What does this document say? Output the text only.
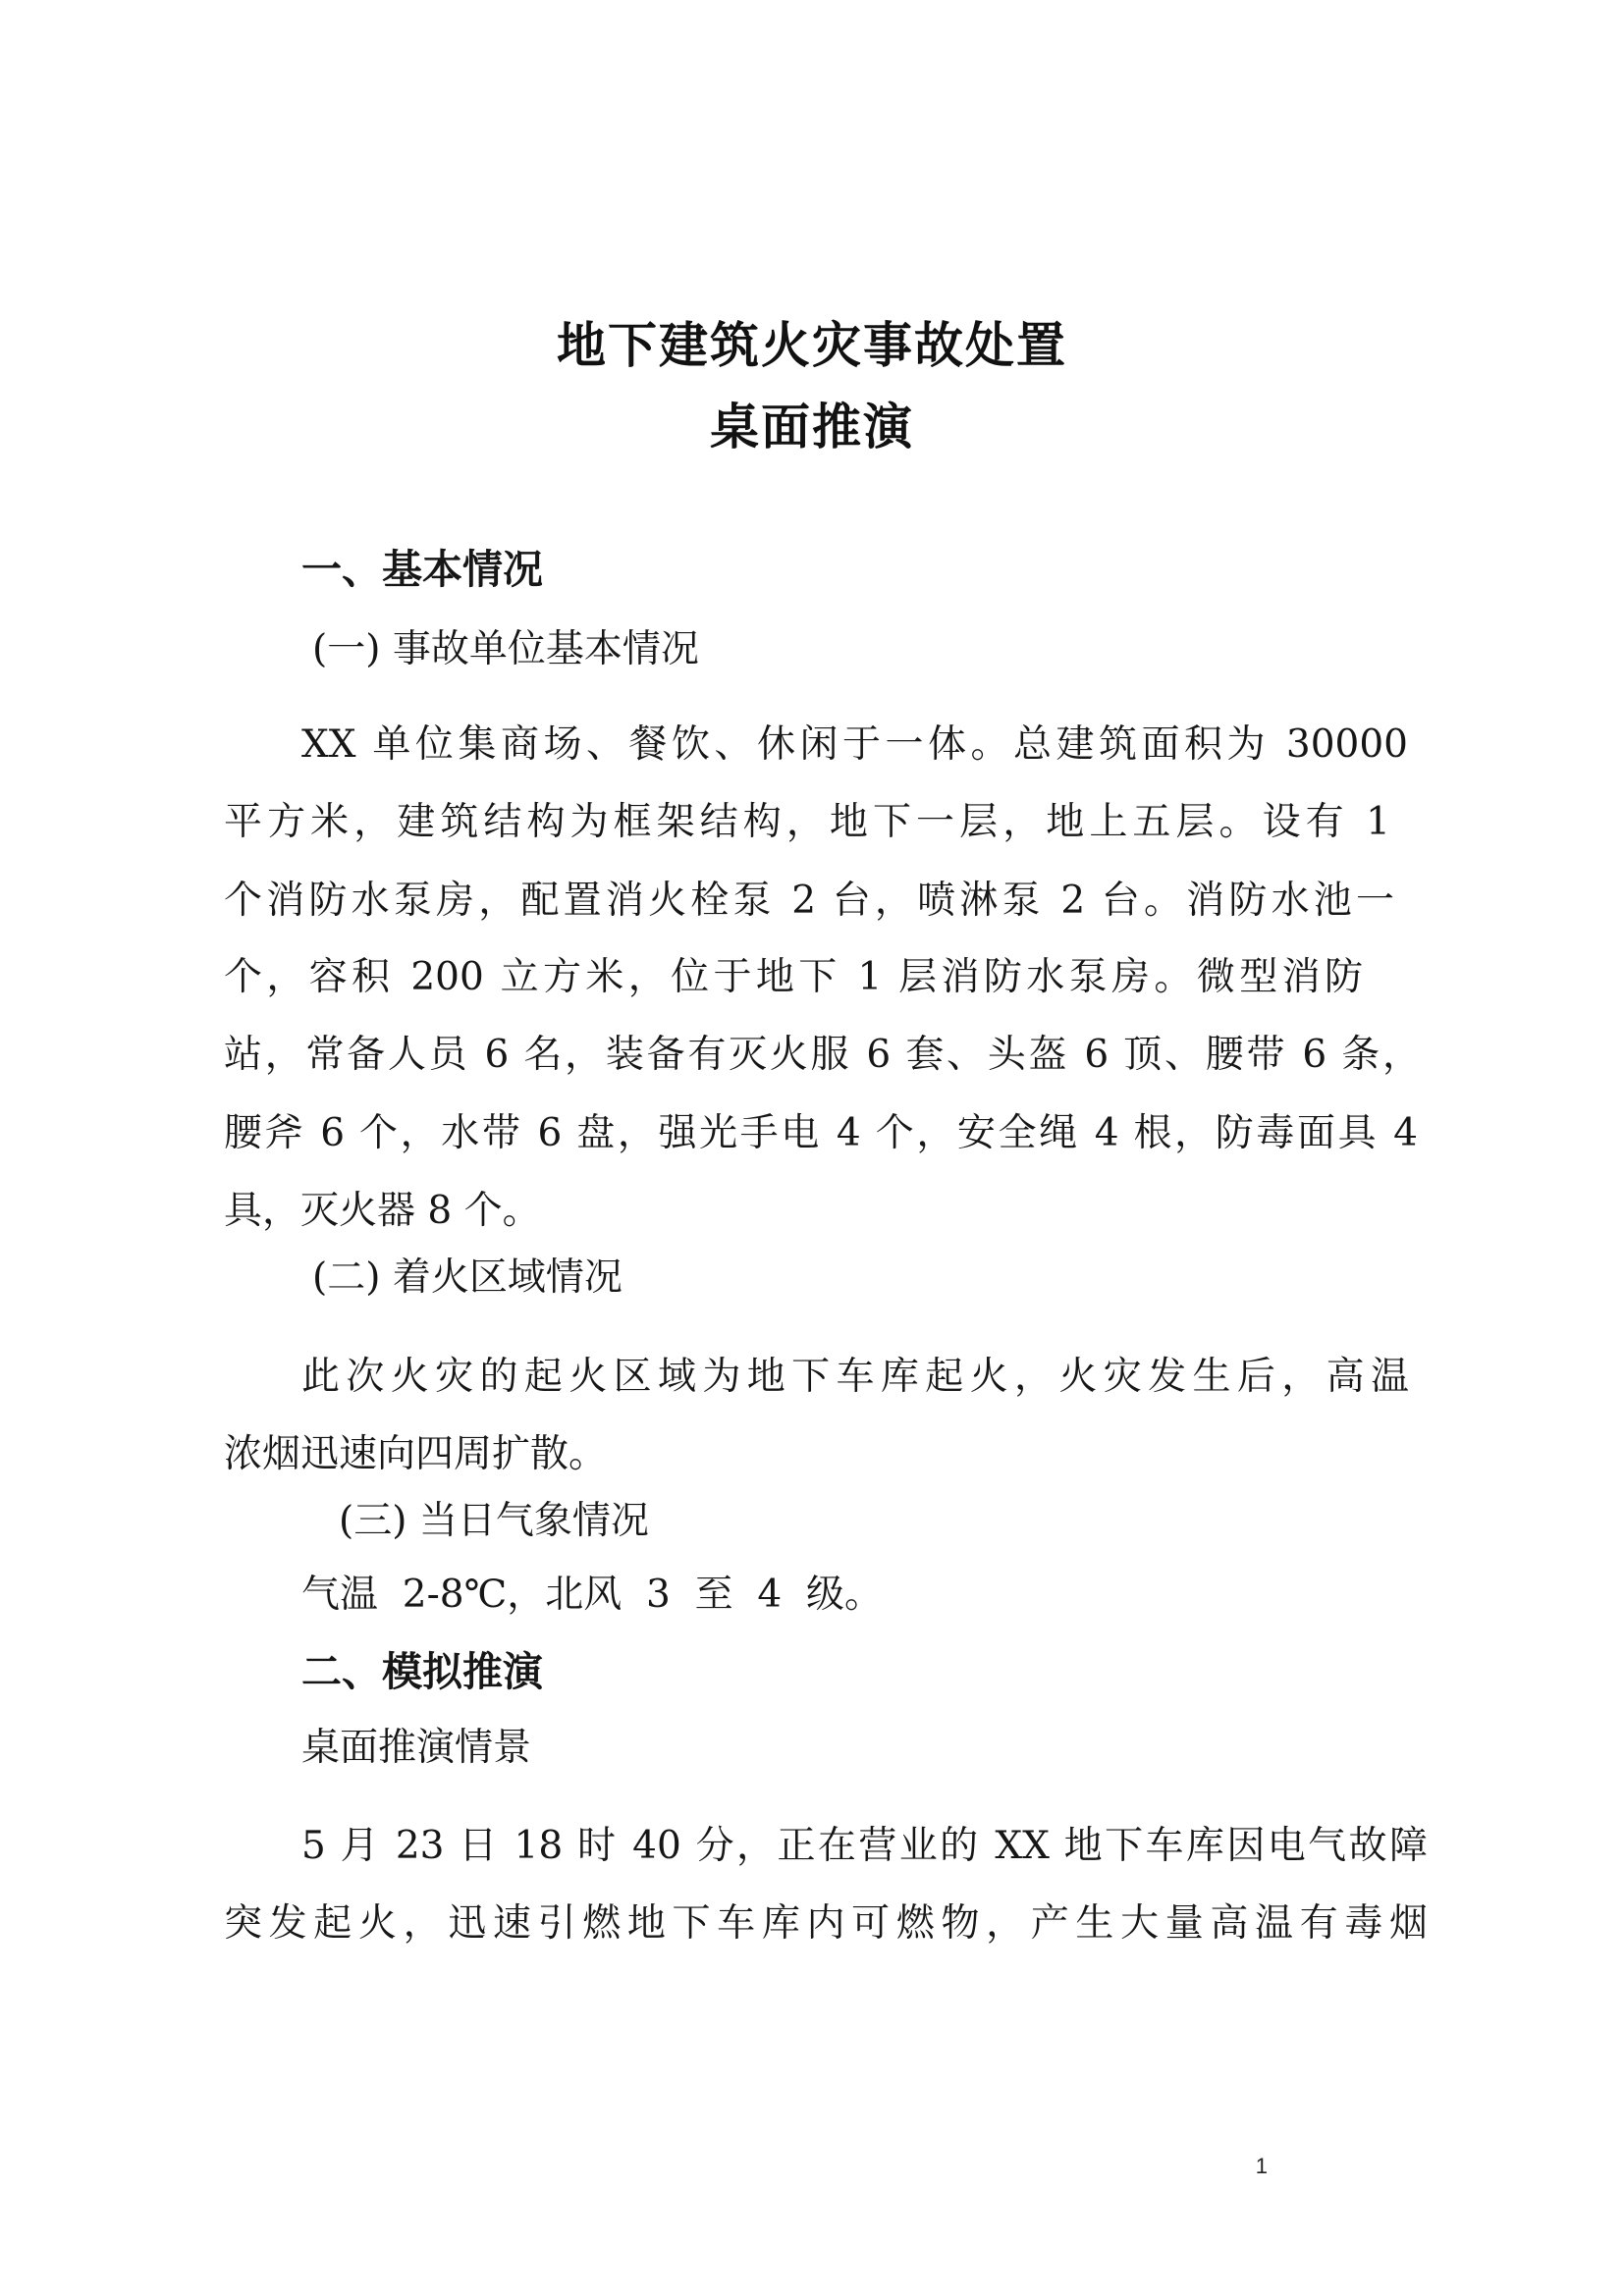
地下建筑火灾事故处置
桌面推演
一、基本情况
(一) 事故单位基本情况
XX 单位集商场、餐饮、休闲于一体。总建筑面积为 30000
平方米，建筑结构为框架结构，地下一层，地上五层。设有 1
个消防水泵房，配置消火栓泵 2 台，喷淋泵 2 台。消防水池一
个，容积 200 立方米，位于地下 1 层消防水泵房。微型消防
站，常备人员 6 名，装备有灭火服 6 套、头盔 6 顶、腰带 6 条，
腰斧 6 个，水带 6 盘，强光手电 4 个，安全绳 4 根，防毒面具 4
具，灭火器 8 个。
(二) 着火区域情况
此次火灾的起火区域为地下车库起火，火灾发生后，高温
浓烟迅速向四周扩散。
(三) 当日气象情况
气温  2-8℃，北风  3  至  4  级。
二、模拟推演
桌面推演情景
5 月 23 日 18 时 40 分，正在营业的 XX 地下车库因电气故障
突发起火，迅速引燃地下车库内可燃物，产生大量高温有毒烟
1
